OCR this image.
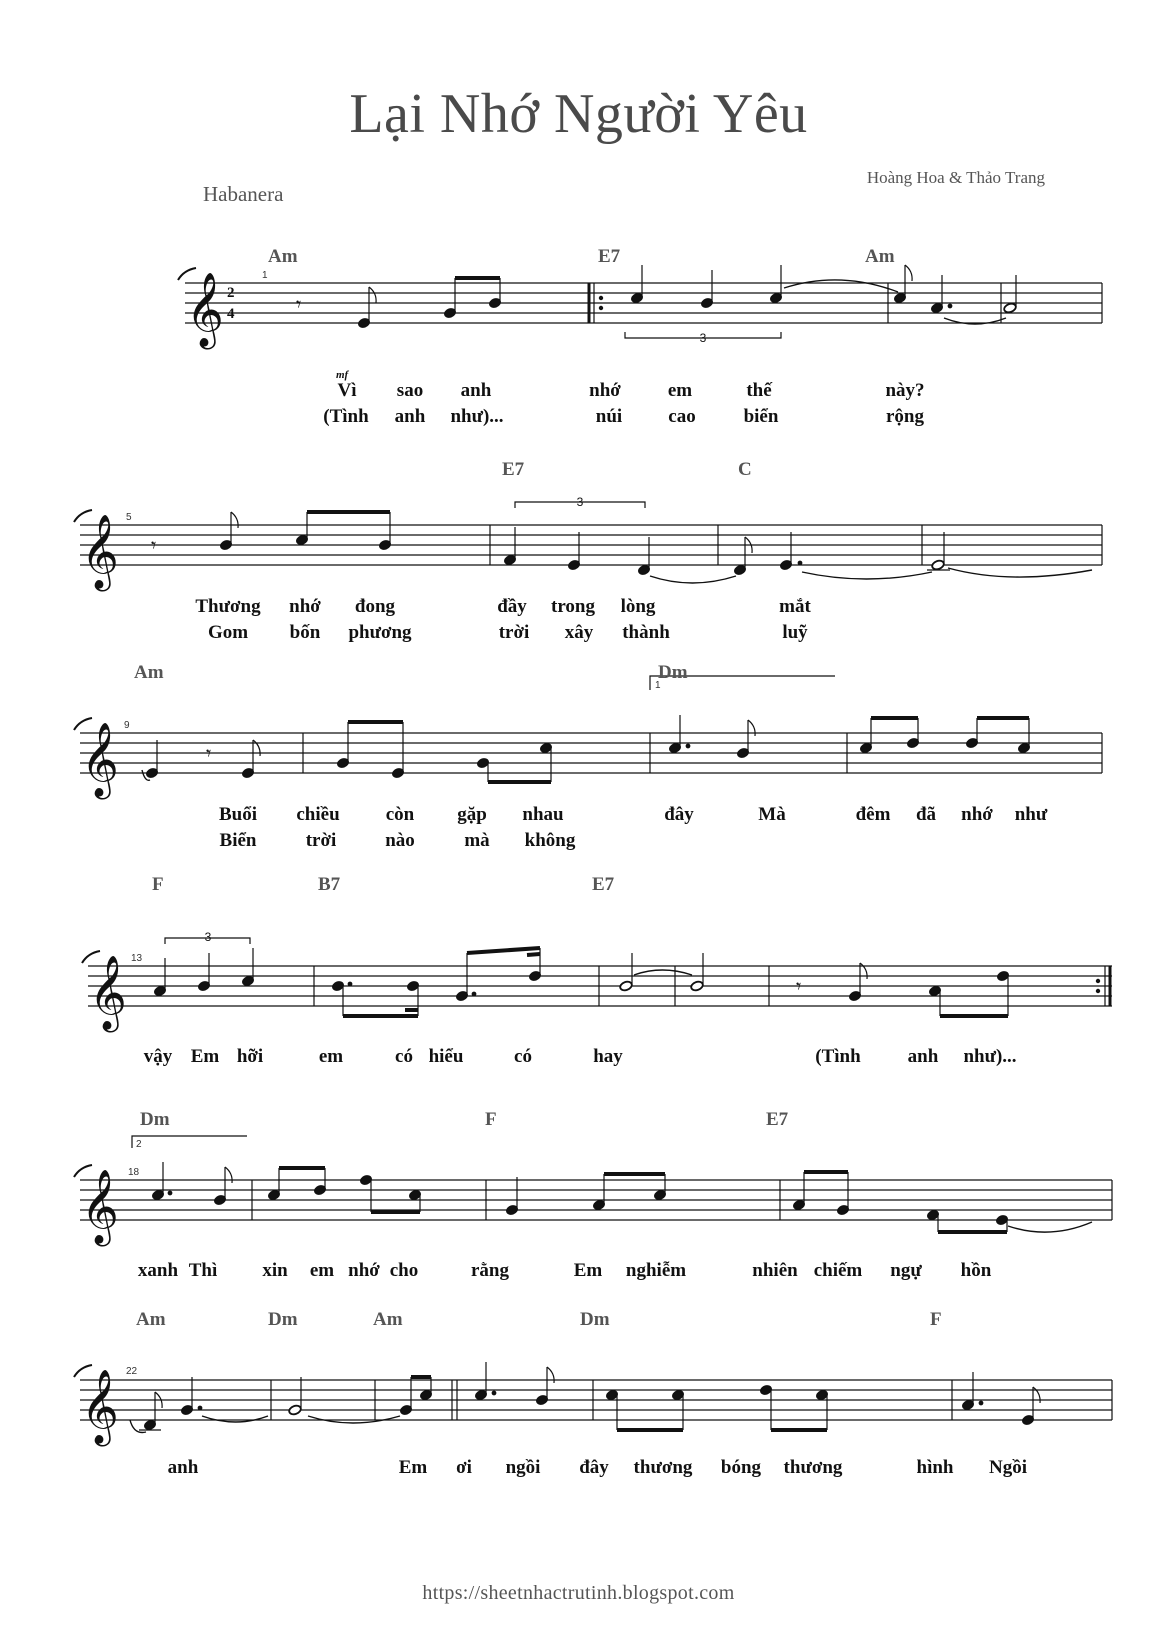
Lại Nhớ Người Yêu
Hoàng Hoa & Thảo Trang
Habanera
𝄞 2
4
1
𝄾
3
Am	E7	Am
mf
Vì sao anh	nhớ em	thế	này?
(Tình anh như)...	núi cao	biển	rộng
𝄞 5
𝄾
3
E7	C
Thương nhớ đong	đầy trong lòng	mắt
Gom bốn phương	trời xây thành	luỹ
𝄞 9
1
𝄾
Am	Dm
Buổi chiều còn gặp nhau	đây	Mà	đêm đã nhớ như
Biển	trời	nào	mà không
𝄞 13
𝄾
3
F	B7	E7
vậy Em hỡi	em	có hiểu	có	hay	(Tình anh như)...
𝄞 18
2
Dm	F	E7
xanh Thì xin em nhớ cho	rằng	Em nghiễm	nhiên chiếm ngự hồn
𝄞 22
Am	Dm	Am	Dm	F
anh	Em ơi ngồi đây thương bóng thương	hình Ngồi
https://sheetnhactrutinh.blogspot.com
